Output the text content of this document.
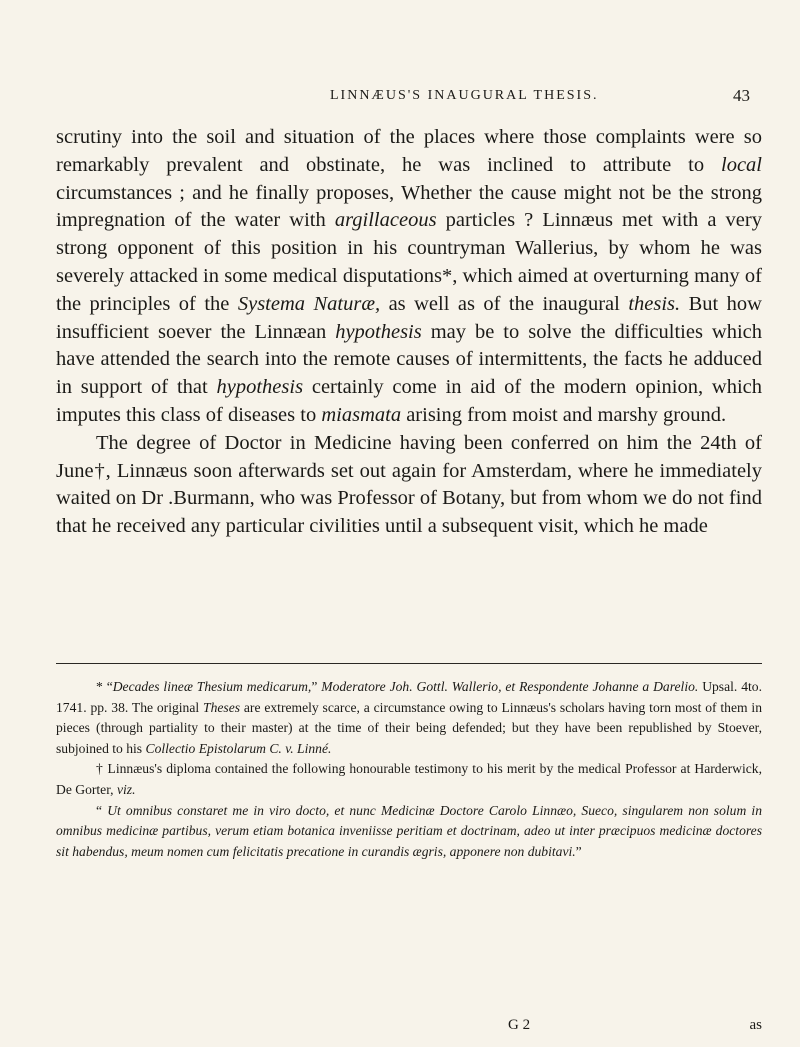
LINNÆUS'S INAUGURAL THESIS.	43

scrutiny into the soil and situation of the places where those complaints were so remarkably prevalent and obstinate, he was inclined to attribute to local circumstances ; and he finally proposes, Whether the cause might not be the strong impregnation of the water with argillaceous particles ? Linnæus met with a very strong opponent of this position in his countryman Wallerius, by whom he was severely attacked in some medical disputations*, which aimed at overturning many of the principles of the Systema Naturæ, as well as of the inaugural thesis. But how insufficient soever the Linnæan hypothesis may be to solve the difficulties which have attended the search into the remote causes of intermittents, the facts he adduced in support of that hypothesis certainly come in aid of the modern opinion, which imputes this class of diseases to miasmata arising from moist and marshy ground.

The degree of Doctor in Medicine having been conferred on him the 24th of June†, Linnæus soon afterwards set out again for Amsterdam, where he immediately waited on Dr .Burmann, who was Professor of Botany, but from whom we do not find that he received any particular civilities until a subsequent visit, which he made

* “Decades lineæ Thesium medicarum,” Moderatore Joh. Gottl. Wallerio, et Respondente Johanne a Darelio. Upsal. 4to. 1741. pp. 38. The original Theses are extremely scarce, a circumstance owing to Linnæus's scholars having torn most of them in pieces (through partiality to their master) at the time of their being defended; but they have been republished by Stoever, subjoined to his Collectio Epistolarum C. v. Linné.

† Linnæus's diploma contained the following honourable testimony to his merit by the medical Professor at Harderwick, De Gorter, viz.

“ Ut omnibus constaret me in viro docto, et nunc Medicinæ Doctore Carolo Linnæo, Sueco, singularem non solum in omnibus medicinæ partibus, verum etiam botanica inveniisse peritiam et doctrinam, adeo ut inter præcipuos medicinæ doctores sit habendus, meum nomen cum felicitatis precatione in curandis ægris, apponere non dubitavi.”

G 2	as
